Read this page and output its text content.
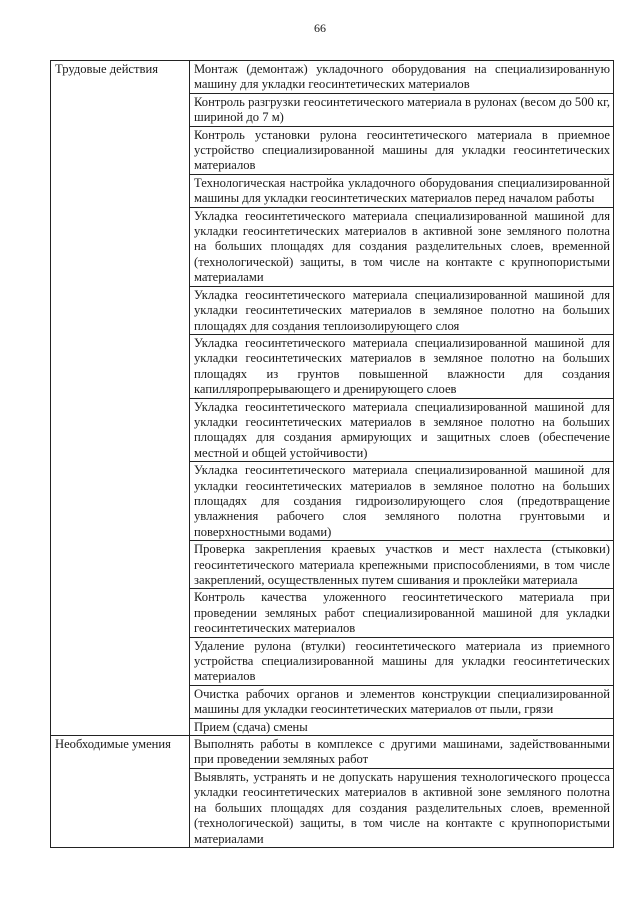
66
Трудовые действия	Монтаж (демонтаж) укладочного оборудования на специализированную машину для укладки геосинтетических материалов
	Контроль разгрузки геосинтетического материала в рулонах (весом до 500 кг, шириной до 7 м)
	Контроль установки рулона геосинтетического материала в приемное устройство специализированной машины для укладки геосинтетических материалов
	Технологическая настройка укладочного оборудования специализированной машины для укладки геосинтетических материалов перед началом работы
	Укладка геосинтетического материала специализированной машиной для укладки геосинтетических материалов в активной зоне земляного полотна на больших площадях для создания разделительных слоев, временной (технологической) защиты, в том числе на контакте с крупнопористыми материалами
	Укладка геосинтетического материала специализированной машиной для укладки геосинтетических материалов в земляное полотно на больших площадях для создания теплоизолирующего слоя
	Укладка геосинтетического материала специализированной машиной для укладки геосинтетических материалов в земляное полотно на больших площадях из грунтов повышенной влажности для создания капилляропрерывающего и дренирующего слоев
	Укладка геосинтетического материала специализированной машиной для укладки геосинтетических материалов в земляное полотно на больших площадях для создания армирующих и защитных слоев (обеспечение местной и общей устойчивости)
	Укладка геосинтетического материала специализированной машиной для укладки геосинтетических материалов в земляное полотно на больших площадях для создания гидроизолирующего слоя (предотвращение увлажнения рабочего слоя земляного полотна грунтовыми и поверхностными водами)
	Проверка закрепления краевых участков и мест нахлеста (стыковки) геосинтетического материала крепежными приспособлениями, в том числе закреплений, осуществленных путем сшивания и проклейки материала
	Контроль качества уложенного геосинтетического материала при проведении земляных работ специализированной машиной для укладки геосинтетических материалов
	Удаление рулона (втулки) геосинтетического материала из приемного устройства специализированной машины для укладки геосинтетических материалов
	Очистка рабочих органов и элементов конструкции специализированной машины для укладки геосинтетических материалов от пыли, грязи
	Прием (сдача) смены
Необходимые умения	Выполнять работы в комплексе с другими машинами, задействованными при проведении земляных работ
	Выявлять, устранять и не допускать нарушения технологического процесса укладки геосинтетических материалов в активной зоне земляного полотна на больших площадях для создания разделительных слоев, временной (технологической) защиты, в том числе на контакте с крупнопористыми материалами
